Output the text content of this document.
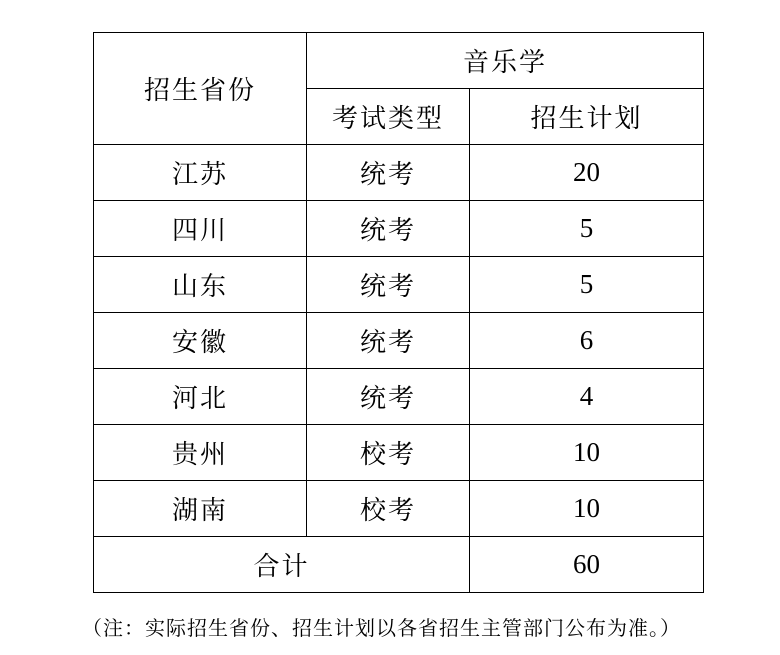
招生省份	音乐学	
	考试类型	招生计划
江苏	统考	20
四川	统考	5
山东	统考	5
安徽	统考	6
河北	统考	4
贵州	校考	10
湖南	校考	10
合计		60
（注：实际招生省份、招生计划以各省招生主管部门公布为准。）
